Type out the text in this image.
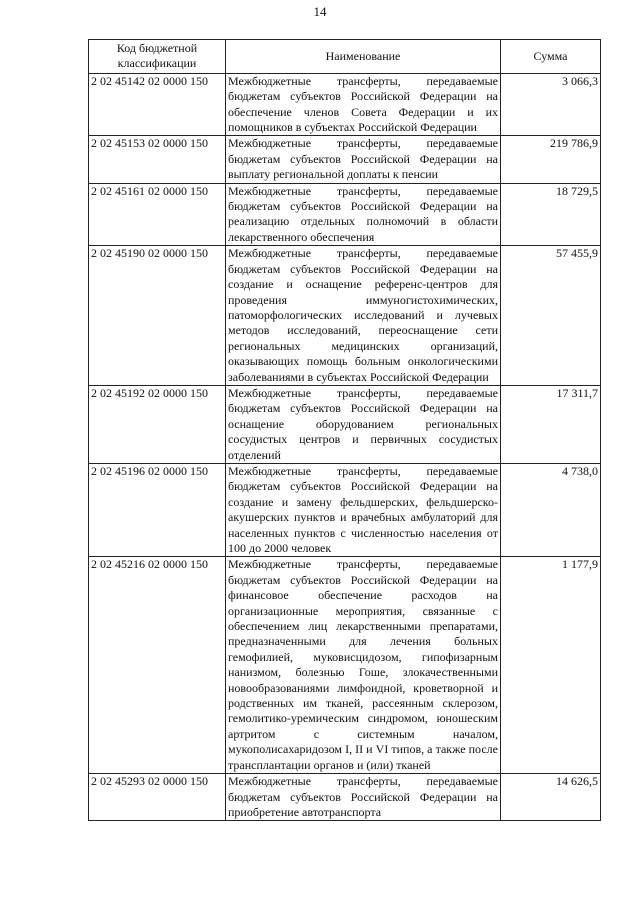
14
Код бюджетной классификации	Наименование	Сумма
2 02 45142 02 0000 150	Межбюджетные трансферты, передаваемые бюджетам субъектов Российской Федерации на обеспечение членов Совета Федерации и их помощников в субъектах Российской Федерации	3 066,3
2 02 45153 02 0000 150	Межбюджетные трансферты, передаваемые бюджетам субъектов Российской Федерации на выплату региональной доплаты к пенсии	219 786,9
2 02 45161 02 0000 150	Межбюджетные трансферты, передаваемые бюджетам субъектов Российской Федерации на реализацию отдельных полномочий в области лекарственного обеспечения	18 729,5
2 02 45190 02 0000 150	Межбюджетные трансферты, передаваемые бюджетам субъектов Российской Федерации на создание и оснащение референс-центров для проведения иммуногистохимических, патоморфологических исследований и лучевых методов исследований, переоснащение сети региональных медицинских организаций, оказывающих помощь больным онкологическими заболеваниями в субъектах Российской Федерации	57 455,9
2 02 45192 02 0000 150	Межбюджетные трансферты, передаваемые бюджетам субъектов Российской Федерации на оснащение оборудованием региональных сосудистых центров и первичных сосудистых отделений	17 311,7
2 02 45196 02 0000 150	Межбюджетные трансферты, передаваемые бюджетам субъектов Российской Федерации на создание и замену фельдшерских, фельдшерско-акушерских пунктов и врачебных амбулаторий для населенных пунктов с численностью населения от 100 до 2000 человек	4 738,0
2 02 45216 02 0000 150	Межбюджетные трансферты, передаваемые бюджетам субъектов Российской Федерации на финансовое обеспечение расходов на организационные мероприятия, связанные с обеспечением лиц лекарственными препаратами, предназначенными для лечения больных гемофилией, муковисцидозом, гипофизарным нанизмом, болезнью Гоше, злокачественными новообразованиями лимфоидной, кроветворной и родственных им тканей, рассеянным склерозом, гемолитико-уремическим синдромом, юношеским артритом с системным началом, мукополисахаридозом I, II и VI типов, а также после трансплантации органов и (или) тканей	1 177,9
2 02 45293 02 0000 150	Межбюджетные трансферты, передаваемые бюджетам субъектов Российской Федерации на приобретение автотранспорта	14 626,5
